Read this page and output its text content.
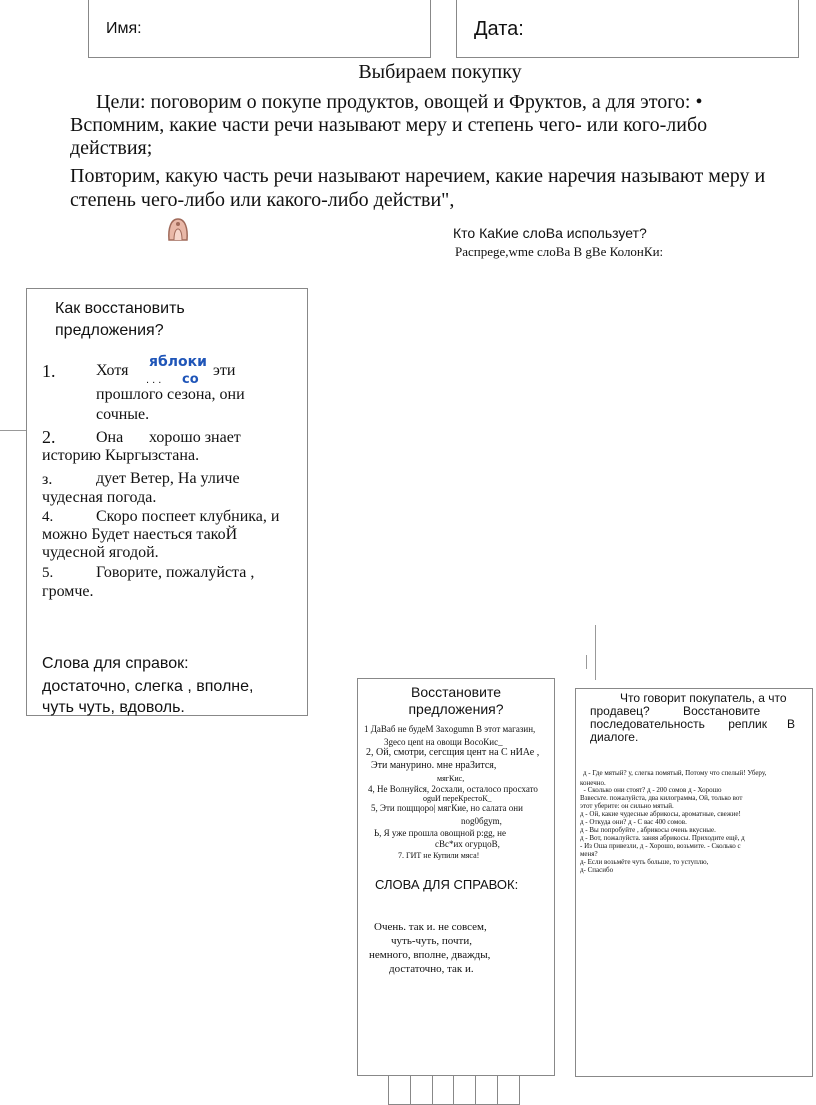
Имя:	Дата:
Выбираем покупку
Цели: поговорим о покупе продуктов, овощей и Фруктов, а для этого: •
Вспомним, какие части речи называют меру и степень чего- или кого-либо
действия;
Повторим, какую часть речи называют наречием, какие наречия называют меру и
степень чего-либо или какого-либо действи",
Кто КаКие слоВа использует?
Распреge,wme слоВа В gВе КолонКи:
Как восстановить
предложения?
1.	Хотя яблоки
. . . со
эти
прошлого сезона, они
сочные.
2.	Она хорошо знает
историю Кыргызстана.
з.	дует Ветер, На уличе
чудесная погода.
4.	Скоро поспеет клубника, и
можно Будет наесться такоЙ
чудесной ягодой.
5.	Говорите, пожалуйста ,
громче.
Слова для справок:
достаточно, слегка , вполне,
чуть чуть, вдоволь.
Восстановите
предложения?
1 ДаВаб не будеМ Заxogumn В этот магазин,
3geco цent на овощи ВосоКис_
2, Ой, смотри, сегсщия цент на С нИАе ,
Эти манурино. мне нраЗится,
мягКис,
4, Не Волнуйся, 2осхали, осталосо просхато
oguИ переКрестоК_
5, Эти пощщоро| мягКие, но салата они
nog0бgym,
Ь, Я уже прошла овощной р:gg, не
сВс*их огурцоВ,
7. ГИТ не Купили мяса!
СЛОВА ДЛЯ СПРАВОК:
Очень. так и. не совсем,
чуть-чуть, почти,
немного, вполне, дважды,
достаточно, так и.
Что говорит покупатель, а что
продавец?          Восстановите
последовательность       реплик      В
диалоге.
д - Где мятый? у, слегка помятый, Потому что спелый! Уберу,
конечно.
- Сколько они стоят? д - 200 сомов д - Хорошо
Взвесьте. пожалуйста, два килограмма, Ой, только вот
этот уберите: он сильно мятый.
д - Ой, какие чудесные абрикосы, ароматные, свежие!
д - Откуда они? д - С вас 400 сомов.
д - Вы попробуйте , абрикосы очень вкусные.
д - Вот, пожалуйста. заняя абрикосы. Приходите ещё, д
- Из Оша привезли, д - Хорошо, возьмите. - Сколько с
меня?
д- Если возьмёте чуть больше, то уступлю,
д- Спасибо
